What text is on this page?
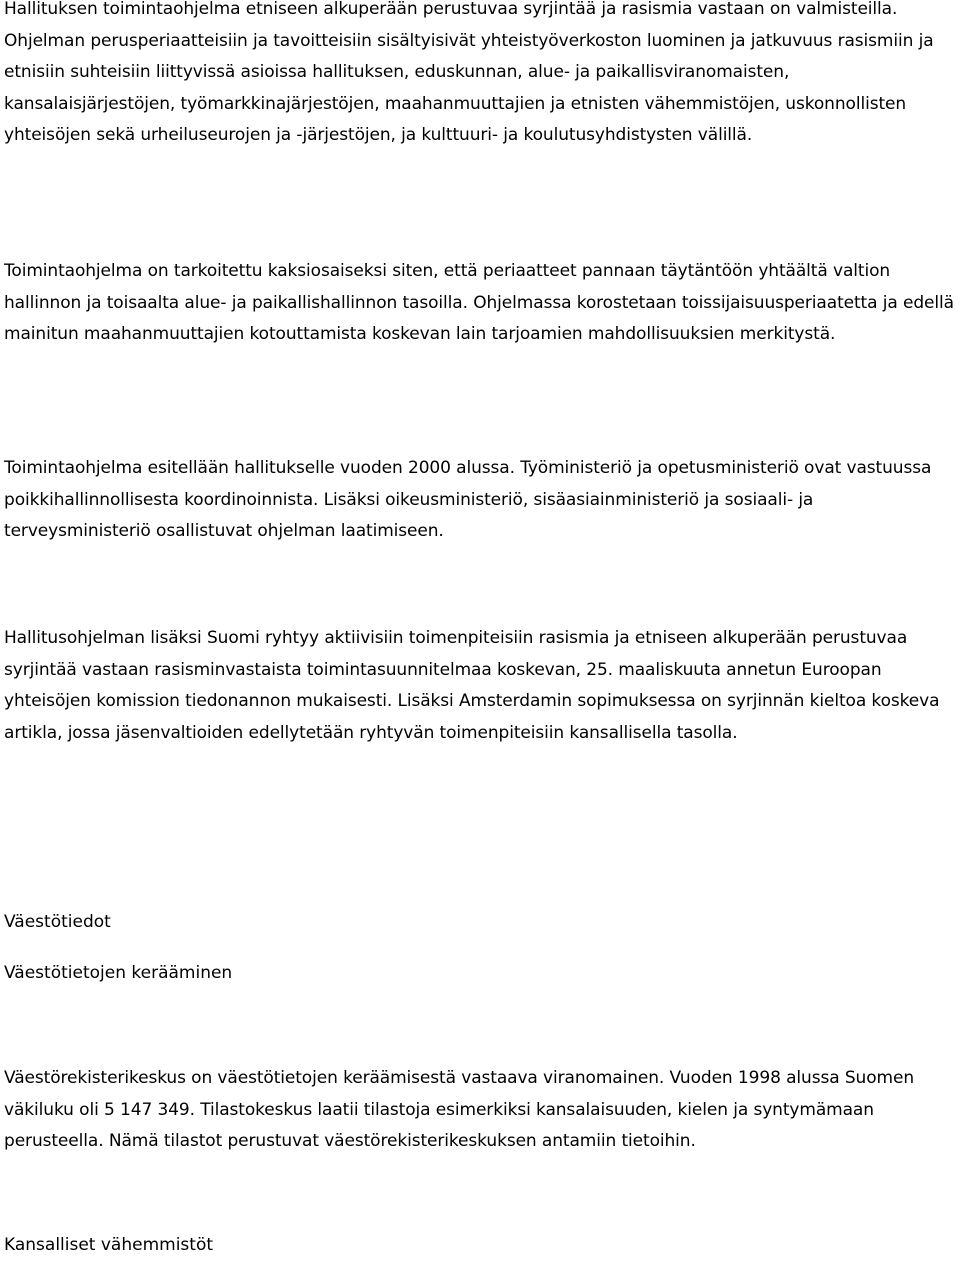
Hallituksen toimintaohjelma etniseen alkuperään perustuvaa syrjintää ja rasismia vastaan on valmisteilla. Ohjelman perusperiaatteisiin ja tavoitteisiin sisältyisivät yhteistyöverkoston luominen ja jatkuvuus rasismiin ja etnisiin suhteisiin liittyvissä asioissa hallituksen, eduskunnan, alue- ja paikallisviranomaisten, kansalaisjärjestöjen, työmarkkinajärjestöjen, maahanmuuttajien ja etnisten vähemmistöjen, uskonnollisten yhteisöjen sekä urheiluseurojen ja -järjestöjen, ja kulttuuri- ja koulutusyhdistysten välillä.

Toimintaohjelma on tarkoitettu kaksiosaiseksi siten, että periaatteet pannaan täytäntöön yhtäältä valtion hallinnon ja toisaalta alue- ja paikallishallinnon tasoilla. Ohjelmassa korostetaan toissijaisuusperiaatetta ja edellä mainitun maahanmuuttajien kotouttamista koskevan lain tarjoamien mahdollisuuksien merkitystä.

Toimintaohjelma esitellään hallitukselle vuoden 2000 alussa. Työministeriö ja opetusministeriö ovat vastuussa poikkihallinnollisesta koordinoinnista. Lisäksi oikeusministeriö, sisäasiainministeriö ja sosiaali- ja terveysministeriö osallistuvat ohjelman laatimiseen.

Hallitusohjelman lisäksi Suomi ryhtyy aktiivisiin toimenpiteisiin rasismia ja etniseen alkuperään perustuvaa syrjintää vastaan rasisminvastaista toimintasuunnitelmaa koskevan, 25. maaliskuuta annetun Euroopan yhteisöjen komission tiedonannon mukaisesti. Lisäksi Amsterdamin sopimuksessa on syrjinnän kieltoa koskeva artikla, jossa jäsenvaltioiden edellytetään ryhtyvän toimenpiteisiin kansallisella tasolla.

Väestötiedot

Väestötietojen kerääminen

Väestörekisterikeskus on väestötietojen keräämisestä vastaava viranomainen. Vuoden 1998 alussa Suomen väkiluku oli 5 147 349. Tilastokeskus laatii tilastoja esimerkiksi kansalaisuuden, kielen ja syntymämaan perusteella. Nämä tilastot perustuvat väestörekisterikeskuksen antamiin tietoihin.

Kansalliset vähemmistöt
